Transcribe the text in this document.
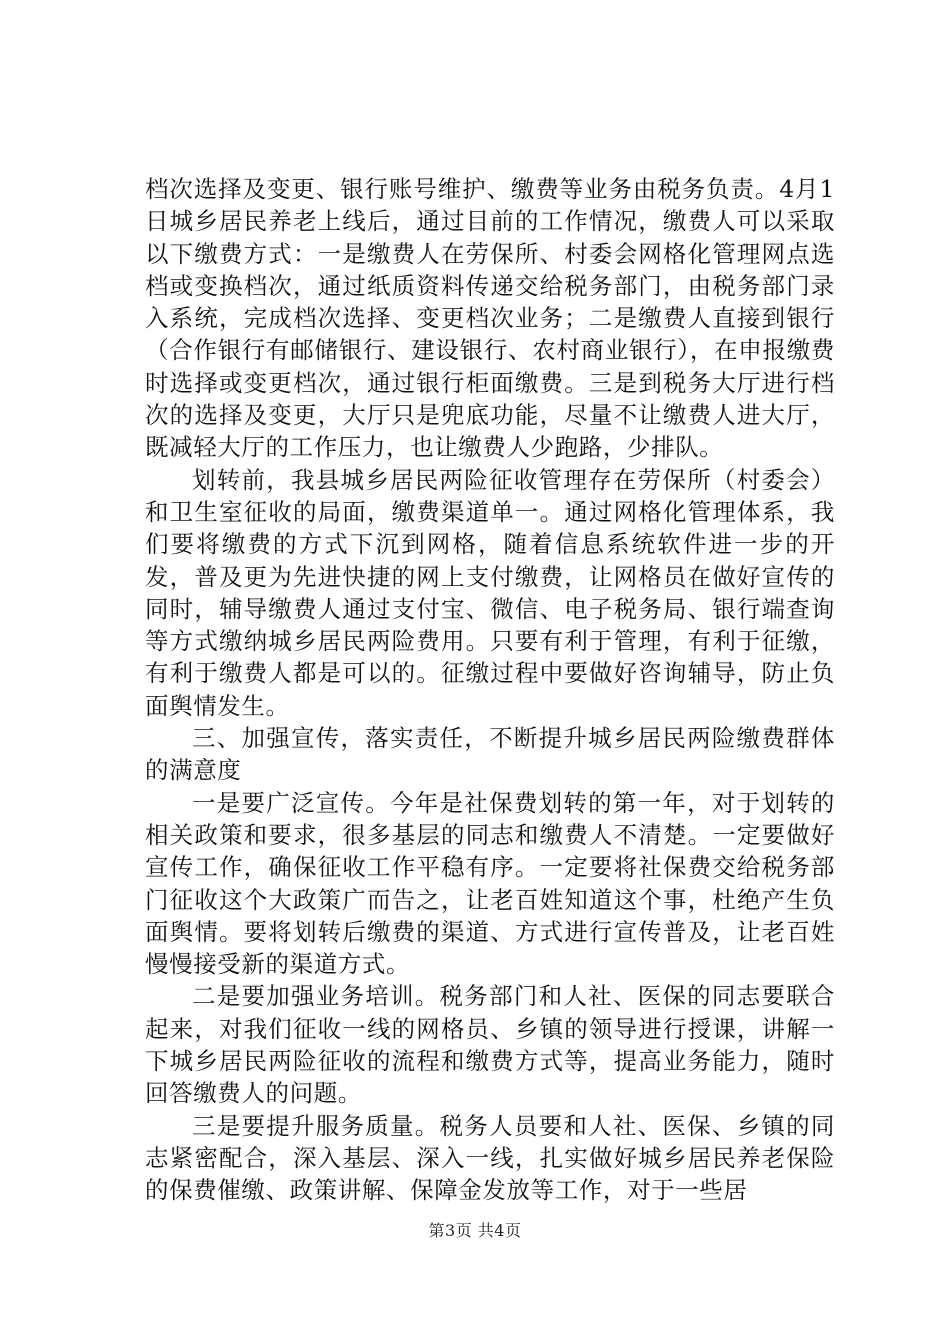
档次选择及变更、银行账号维护、缴费等业务由税务负责。4月1日城乡居民养老上线后，通过目前的工作情况，缴费人可以采取以下缴费方式：一是缴费人在劳保所、村委会网格化管理网点选档或变换档次，通过纸质资料传递交给税务部门，由税务部门录入系统，完成档次选择、变更档次业务；二是缴费人直接到银行（合作银行有邮储银行、建设银行、农村商业银行），在申报缴费时选择或变更档次，通过银行柜面缴费。三是到税务大厅进行档次的选择及变更，大厅只是兜底功能，尽量不让缴费人进大厅，既减轻大厅的工作压力，也让缴费人少跑路，少排队。

划转前，我县城乡居民两险征收管理存在劳保所（村委会）和卫生室征收的局面，缴费渠道单一。通过网格化管理体系，我们要将缴费的方式下沉到网格，随着信息系统软件进一步的开发，普及更为先进快捷的网上支付缴费，让网格员在做好宣传的同时，辅导缴费人通过支付宝、微信、电子税务局、银行端查询等方式缴纳城乡居民两险费用。只要有利于管理，有利于征缴，有利于缴费人都是可以的。征缴过程中要做好咨询辅导，防止负面舆情发生。

三、加强宣传，落实责任，不断提升城乡居民两险缴费群体的满意度

一是要广泛宣传。今年是社保费划转的第一年，对于划转的相关政策和要求，很多基层的同志和缴费人不清楚。一定要做好宣传工作，确保征收工作平稳有序。一定要将社保费交给税务部门征收这个大政策广而告之，让老百姓知道这个事，杜绝产生负面舆情。要将划转后缴费的渠道、方式进行宣传普及，让老百姓慢慢接受新的渠道方式。

二是要加强业务培训。税务部门和人社、医保的同志要联合起来，对我们征收一线的网格员、乡镇的领导进行授课，讲解一下城乡居民两险征收的流程和缴费方式等，提高业务能力，随时回答缴费人的问题。

三是要提升服务质量。税务人员要和人社、医保、乡镇的同志紧密配合，深入基层、深入一线，扎实做好城乡居民养老保险的保费催缴、政策讲解、保障金发放等工作，对于一些居

第3页 共4页
